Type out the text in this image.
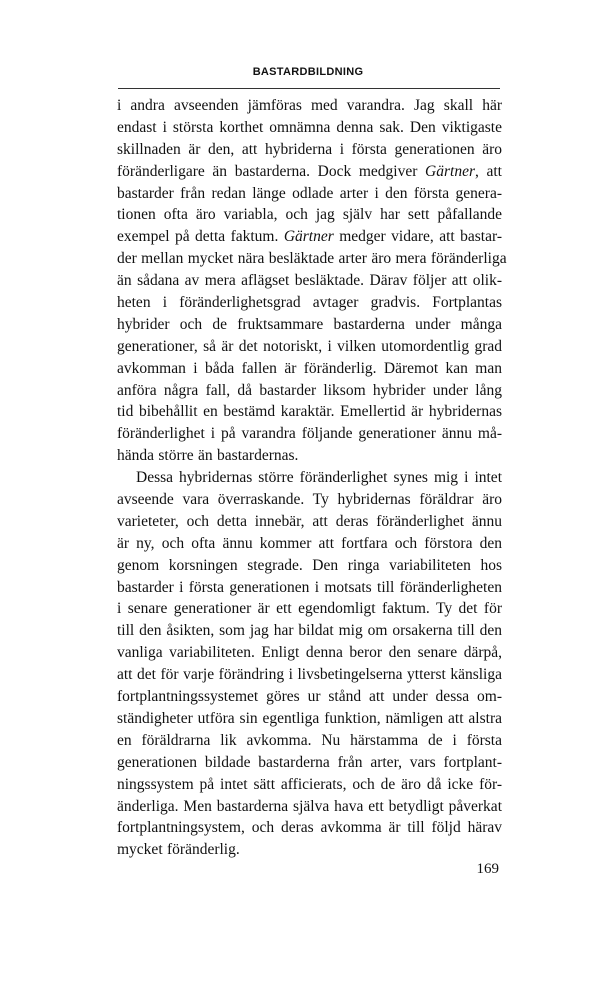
BASTARDBILDNING
i andra avseenden jämföras med varandra. Jag skall här
endast i största korthet omnämna denna sak. Den viktigaste
skillnaden är den, att hybriderna i första generationen äro
föränderligare än bastarderna. Dock medgiver Gärtner, att
bastarder från redan länge odlade arter i den första genera-
tionen ofta äro variabla, och jag själv har sett påfallande
exempel på detta faktum. Gärtner medger vidare, att bastar-
der mellan mycket nära besläktade arter äro mera föränderliga
än sådana av mera aflägset besläktade. Därav följer att olik-
heten i föränderlighetsgrad avtager gradvis. Fortplantas
hybrider och de fruktsammare bastarderna under många
generationer, så är det notoriskt, i vilken utomordentlig grad
avkomman i båda fallen är föränderlig. Däremot kan man
anföra några fall, då bastarder liksom hybrider under lång
tid bibehållit en bestämd karaktär. Emellertid är hybridernas
föränderlighet i på varandra följande generationer ännu må-
hända större än bastardernas.
Dessa hybridernas större föränderlighet synes mig i intet
avseende vara överraskande. Ty hybridernas föräldrar äro
varieteter, och detta innebär, att deras föränderlighet ännu
är ny, och ofta ännu kommer att fortfara och förstora den
genom korsningen stegrade. Den ringa variabiliteten hos
bastarder i första generationen i motsats till föränderligheten
i senare generationer är ett egendomligt faktum. Ty det för
till den åsikten, som jag har bildat mig om orsakerna till den
vanliga variabiliteten. Enligt denna beror den senare därpå,
att det för varje förändring i livsbetingelserna ytterst känsliga
fortplantningssystemet göres ur stånd att under dessa om-
ständigheter utföra sin egentliga funktion, nämligen att alstra
en föräldrarna lik avkomma. Nu härstamma de i första
generationen bildade bastarderna från arter, vars fortplant-
ningssystem på intet sätt afficierats, och de äro då icke för-
änderliga. Men bastarderna själva hava ett betydligt påverkat
fortplantningsystem, och deras avkomma är till följd härav
mycket föränderlig.
169
